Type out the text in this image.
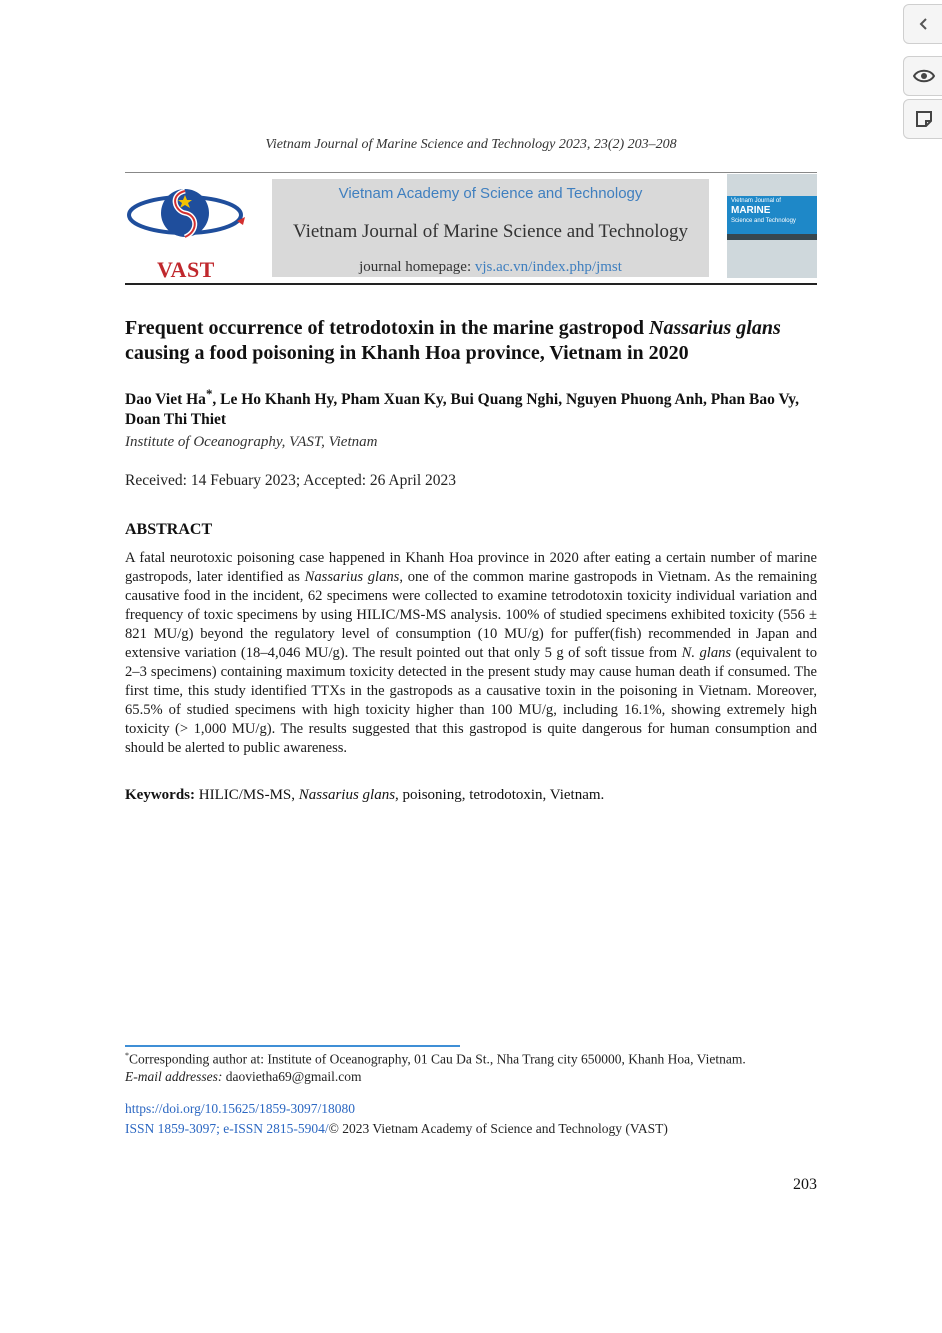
Vietnam Journal of Marine Science and Technology 2023, 23(2) 203–208
VAST
Vietnam Academy of Science and Technology
Vietnam Journal of Marine Science and Technology
journal homepage: vjs.ac.vn/index.php/jmst
Vietnam Journal of
MARINE
Science and Technology
Frequent occurrence of tetrodotoxin in the marine gastropod Nassarius glans causing a food poisoning in Khanh Hoa province, Vietnam in 2020
Dao Viet Ha*, Le Ho Khanh Hy, Pham Xuan Ky, Bui Quang Nghi, Nguyen Phuong Anh, Phan Bao Vy, Doan Thi Thiet
Institute of Oceanography, VAST, Vietnam
Received: 14 Febuary 2023; Accepted: 26 April 2023
ABSTRACT
A fatal neurotoxic poisoning case happened in Khanh Hoa province in 2020 after eating a certain number of marine gastropods, later identified as Nassarius glans, one of the common marine gastropods in Vietnam. As the remaining causative food in the incident, 62 specimens were collected to examine tetrodotoxin toxicity individual variation and frequency of toxic specimens by using HILIC/MS-MS analysis. 100% of studied specimens exhibited toxicity (556 ± 821 MU/g) beyond the regulatory level of consumption (10 MU/g) for puffer(fish) recommended in Japan and extensive variation (18–4,046 MU/g). The result pointed out that only 5 g of soft tissue from N. glans (equivalent to 2–3 specimens) containing maximum toxicity detected in the present study may cause human death if consumed. The first time, this study identified TTXs in the gastropods as a causative toxin in the poisoning in Vietnam. Moreover, 65.5% of studied specimens with high toxicity higher than 100 MU/g, including 16.1%, showing extremely high toxicity (> 1,000 MU/g). The results suggested that this gastropod is quite dangerous for human consumption and should be alerted to public awareness.
Keywords: HILIC/MS-MS, Nassarius glans, poisoning, tetrodotoxin, Vietnam.
*Corresponding author at: Institute of Oceanography, 01 Cau Da St., Nha Trang city 650000, Khanh Hoa, Vietnam.
E-mail addresses: daovietha69@gmail.com
https://doi.org/10.15625/1859-3097/18080
ISSN 1859-3097; e-ISSN 2815-5904/© 2023 Vietnam Academy of Science and Technology (VAST)
203
